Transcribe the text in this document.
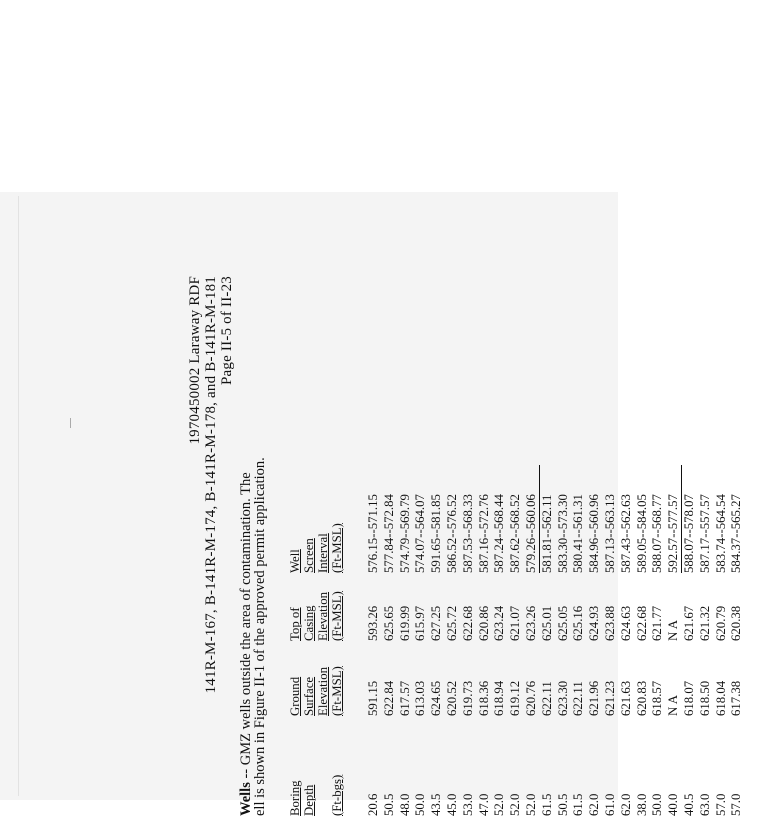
1970450002 Laraway RDF 141R-M-167, B-141R-M-174, B-141R-M-178, and B-141R-M-181 Page II-5 of II-23
Wells -- GMZ wells outside the area of contamination. The
ell is shown in Figure II-1 of the approved permit application. Boring Depth (Ft-bgs) 20.6 50.5 48.0 50.0 43.5 45.0 53.0 47.0 52.0 52.0 52.0 61.5 50.5 61.5 62.0 61.0 62.0 38.0 50.0 40.0 40.5 63.0 57.0 57.0
Ground Surface Elevation (Ft-MSL) 591.15 622.84 617.57 613.03 624.65 620.52 619.73 618.36 618.94 619.12 620.76 622.11 623.30 622.11 621.96 621.23 621.63 620.83 618.57 N A 618.07 618.50 618.04 617.38
Top of Casing Elevation (Ft-MSL) 593.26 625.65 619.99 615.97 627.25 625.72 622.68 620.86 623.24 621.07 623.26 625.01 625.05 625.16 624.93 623.88 624.63 622.68 621.77 N A 621.67 621.32 620.79 620.38
Well Screen Interval (Ft-MSL) 576.15--571.15 577.84--572.84 574.79--569.79 574.07--564.07 591.65--581.85 586.52--576.52 587.53--568.33 587.16--572.76 587.24--568.44 587.62--568.52 579.26--560.06 581.81--562.11 583.30--573.30 580.41--561.31 584.96--560.96 587.13--563.13 587.43--562.63 589.05--584.05 588.07--568.77 592.57--577.57 588.07--578.07 587.17--557.57 583.74--564.54 584.37--565.27
